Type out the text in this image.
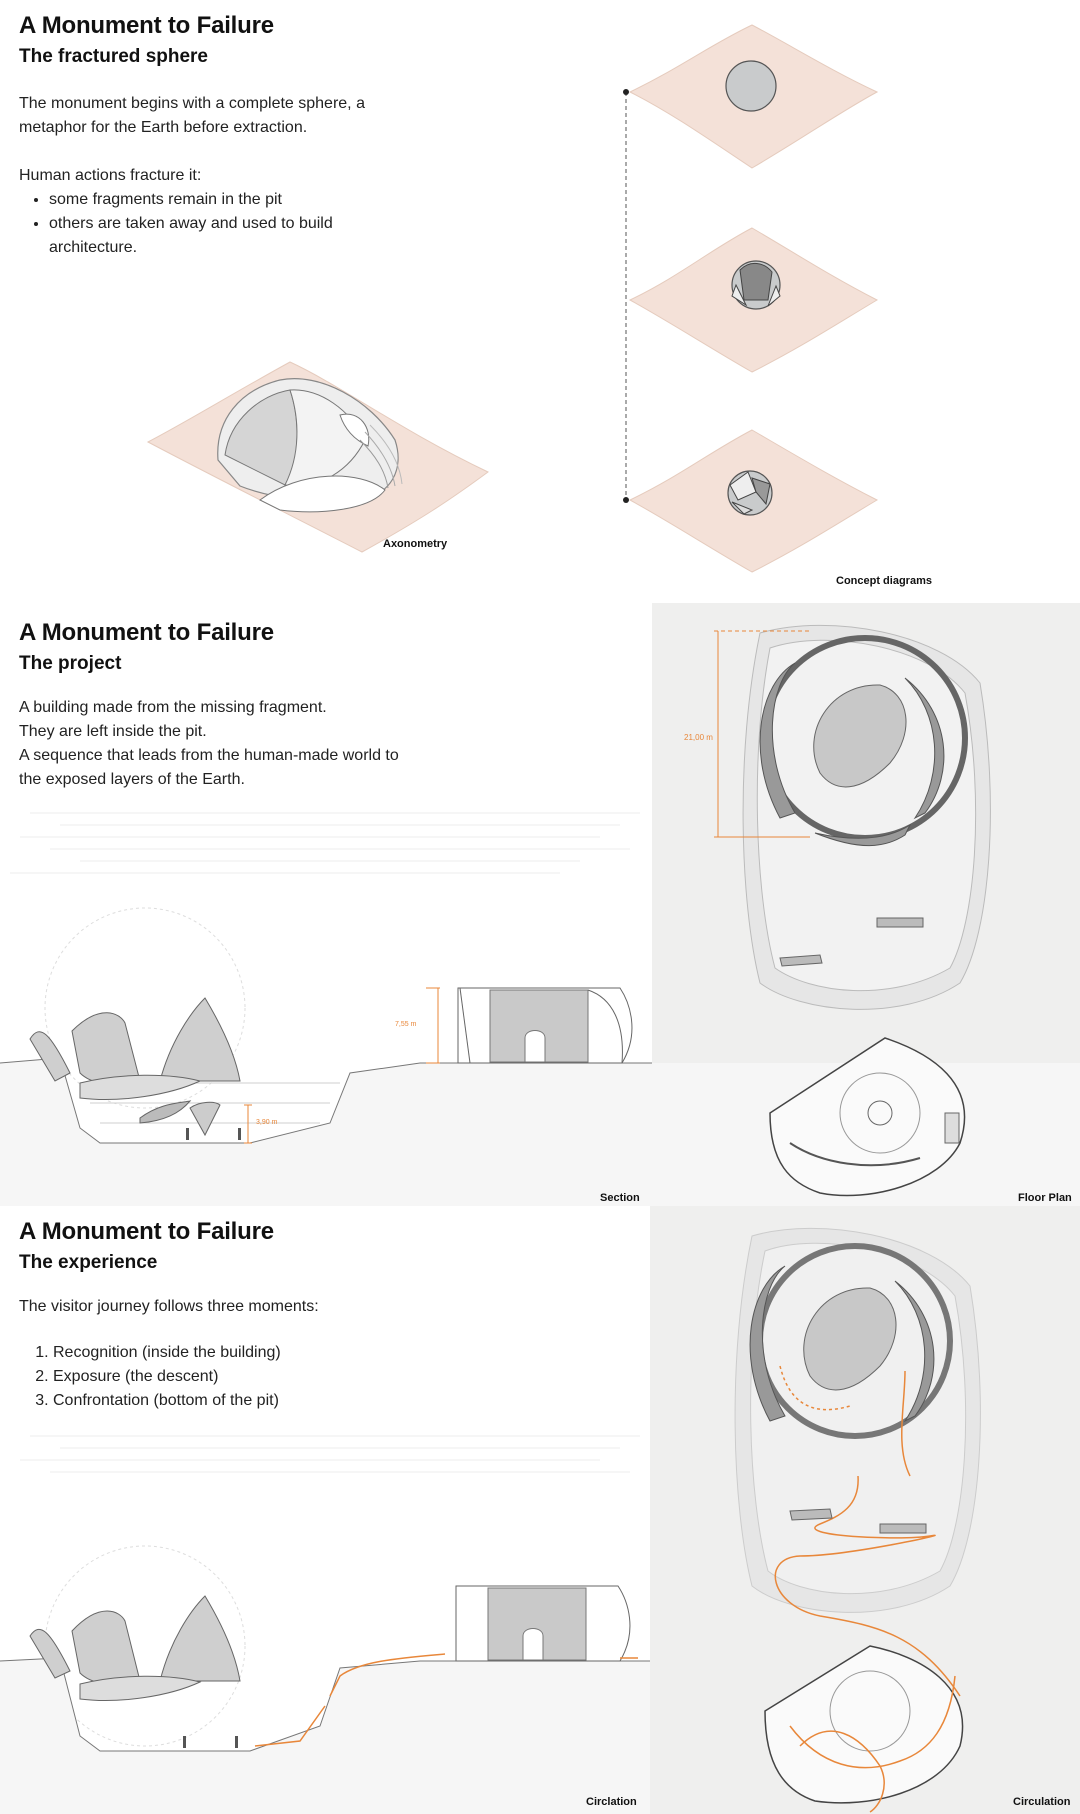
A Monument to Failure
The fractured sphere

The monument begins with a complete sphere, a

metaphor for the Earth before extraction.

Human actions fracture it:

• some fragments remain in the pit
• others are taken away and used to build
architecture.
Axonometry
Concept diagrams
A Monument to Failure
The project

A building made from the missing fragment.

They are left inside the pit.

A sequence that leads from the human-made world to

the exposed layers of the Earth.

7,55 m
3,90 m
Section
21,00 m
Floor Plan
A Monument to Failure
The experience

The visitor journey follows three moments:

1. Recognition (inside the building)
2. Exposure (the descent)
3. Confrontation (bottom of the pit)
Circlation	Circulation
